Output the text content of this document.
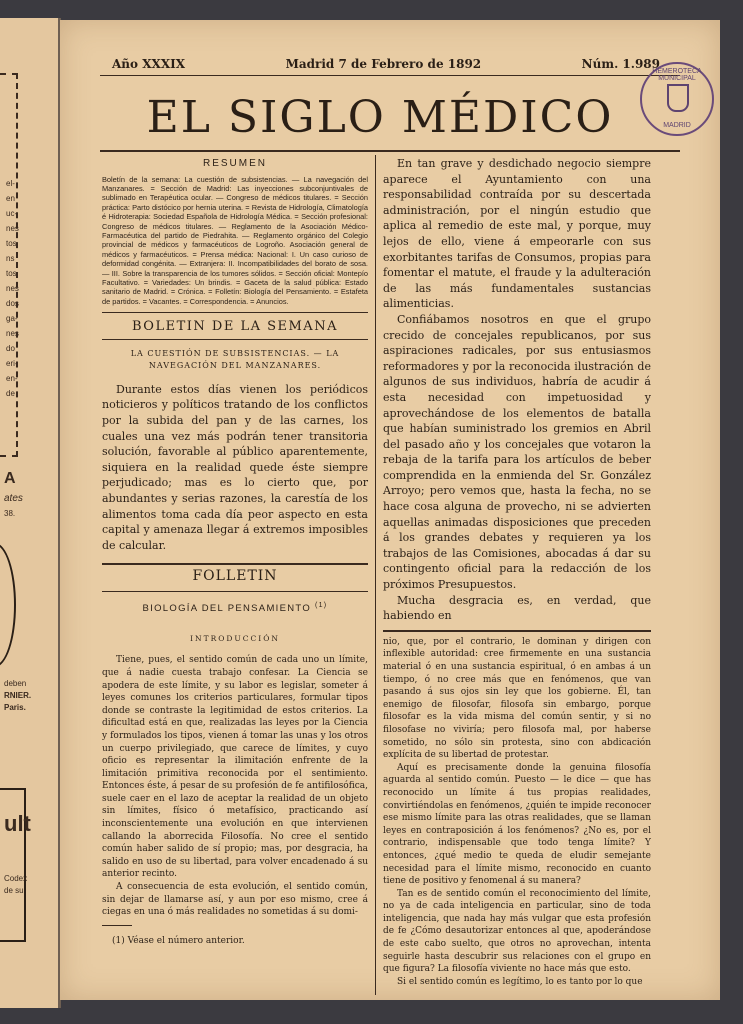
el-
en
uc-
nes
tos
ns
tos
nes
dos
ga-
nes
do
eri-
en-
de
A
ates
38.
deben
RNIER.
Paris.
ult
Codex
de su
Año XXXIX	Madrid 7 de Febrero de 1892	Núm. 1.989
EL SIGLO MÉDICO
HEMEROTECA MUNICIPAL
MADRID
RESUMEN
Boletín de la semana: La cuestión de subsistencias. — La navegación del Manzanares. = Sección de Madrid: Las inyecciones subconjuntivales de sublimado en Terapéutica ocular. — Congreso de médicos titulares. = Sección práctica: Parto distócico por hernia uterina. = Revista de Hidrología, Climatología é Hidroterapia: Sociedad Española de Hidrología Médica. = Sección profesional: Congreso de médicos titulares. — Reglamento de la Asociación Médico-Farmacéutica del partido de Piedrahita. — Reglamento orgánico del Colegio provincial de médicos y farmacéuticos de Logroño. Asociación general de médicos y farmacéuticos. = Prensa médica: Nacional: I. Un caso curioso de deformidad congénita. — Extranjera: II. Incompatibilidades del borato de sosa. — III. Sobre la transparencia de los tumores sólidos. = Sección oficial: Montepío Facultativo. = Variedades: Un brindis. = Gaceta de la salud pública: Estado sanitario de Madrid. = Crónica. = Folletín: Biología del Pensamiento. = Estafeta de partidos. = Vacantes. = Correspondencia. = Anuncios.
BOLETIN DE LA SEMANA
LA CUESTIÓN DE SUBSISTENCIAS. — LA NAVEGACIÓN DEL MANZANARES.

Durante estos días vienen los periódicos noticieros y políticos tratando de los conflictos por la subida del pan y de las carnes, los cuales una vez más podrán tener transitoria solución, favorable al público aparentemente, siquiera en la realidad quede éste siempre perjudicado; mas es lo cierto que, por abundantes y serias razones, la carestía de los alimentos toma cada día peor aspecto en esta capital y amenaza llegar á extremos imposibles de calcular.

FOLLETIN
BIOLOGÍA DEL PENSAMIENTO $^{(1)}$
INTRODUCCIÓN

Tiene, pues, el sentido común de cada uno un límite, que á nadie cuesta trabajo confesar. La Ciencia se apodera de este límite, y su labor es legislar, someter á leyes comunes los criterios particulares, formular tipos donde se contraste la legitimidad de estos criterios. La dificultad está en que, realizadas las leyes por la Ciencia y formulados los tipos, vienen á tomar las unas y los otros un cuerpo privilegiado, que carece de límites, y cuyo oficio es representar la ilimitación enfrente de la limitación primitiva reconocida por el sentimiento. Entonces éste, á pesar de su profesión de fe antifilosófica, suele caer en el lazo de aceptar la realidad de un objeto sin límites, físico ó metafísico, practicando así inconscientemente una evolución en que intervienen callando la aborrecida Filosofía. No cree el sentido común haber salido de sí propio; mas, por desgracia, ha salido en uso de su libertad, para volver encadenado á su anterior recinto.

A consecuencia de esta evolución, el sentido común, sin dejar de llamarse así, y aun por eso mismo, cree á ciegas en una ó más realidades no sometidas á su domi-

(1) Véase el número anterior.

En tan grave y desdichado negocio siempre aparece el Ayuntamiento con una responsabilidad contraída por su descertada administración, por el ningún estudio que aplica al remedio de este mal, y porque, muy lejos de ello, viene á empeorarle con sus exorbitantes tarifas de Consumos, propias para fomentar el matute, el fraude y la adulteración de las más fundamentales sustancias alimenticias.

Confiábamos nosotros en que el grupo crecido de concejales republicanos, por sus aspiraciones radicales, por sus entusiasmos reformadores y por la reconocida ilustración de algunos de sus individuos, habría de acudir á esta necesidad con impetuosidad y aprovechándose de los elementos de batalla que habían suministrado los gremios en Abril del pasado año y los concejales que votaron la rebaja de la tarifa para los artículos de beber comprendida en la enmienda del Sr. González Arroyo; pero vemos que, hasta la fecha, no se hace cosa alguna de provecho, ni se advierten aquellas animadas disposiciones que preceden á los grandes debates y requieren ya los trabajos de las Comisiones, abocadas á dar su contingento oficial para la redacción de los próximos Presupuestos.

Mucha desgracia es, en verdad, que habiendo en

nio, que, por el contrario, le dominan y dirigen con inflexible autoridad: cree firmemente en una sustancia material ó en una sustancia espiritual, ó en ambas á un tiempo, ó no cree más que en fenómenos, que van pasando á sus ojos sin ley que los gobierne. Él, tan enemigo de filosofar, filosofa sin embargo, porque filosofar es la vida misma del común sentir, y si no filosofase no viviría; pero filosofa mal, por haberse sometido, no sólo sin protesta, sino con abdicación explícita de su libertad de protestar.

Aquí es precisamente donde la genuina filosofía aguarda al sentido común. Puesto — le dice — que has reconocido un límite á tus propias realidades, convirtiéndolas en fenómenos, ¿quién te impide reconocer ese mismo límite para las otras realidades, que se llaman leyes en contraposición á los fenómenos? ¿No es, por el contrario, indispensable que todo tenga límite? Y entonces, ¿qué medio te queda de eludir semejante necesidad para el límite mismo, reconocido en cuanto tiene de positivo y fenomenal á su manera?

Tan es de sentido común el reconocimiento del límite, no ya de cada inteligencia en particular, sino de toda inteligencia, que nada hay más vulgar que esta profesión de fe ¿Cómo desautorizar entonces al que, apoderándose de este cabo suelto, que otros no aprovechan, intenta seguirle hasta descubrir sus relaciones con el grupo en que figura? La filosofía viviente no hace más que esto.

Si el sentido común es legítimo, lo es tanto por lo que
